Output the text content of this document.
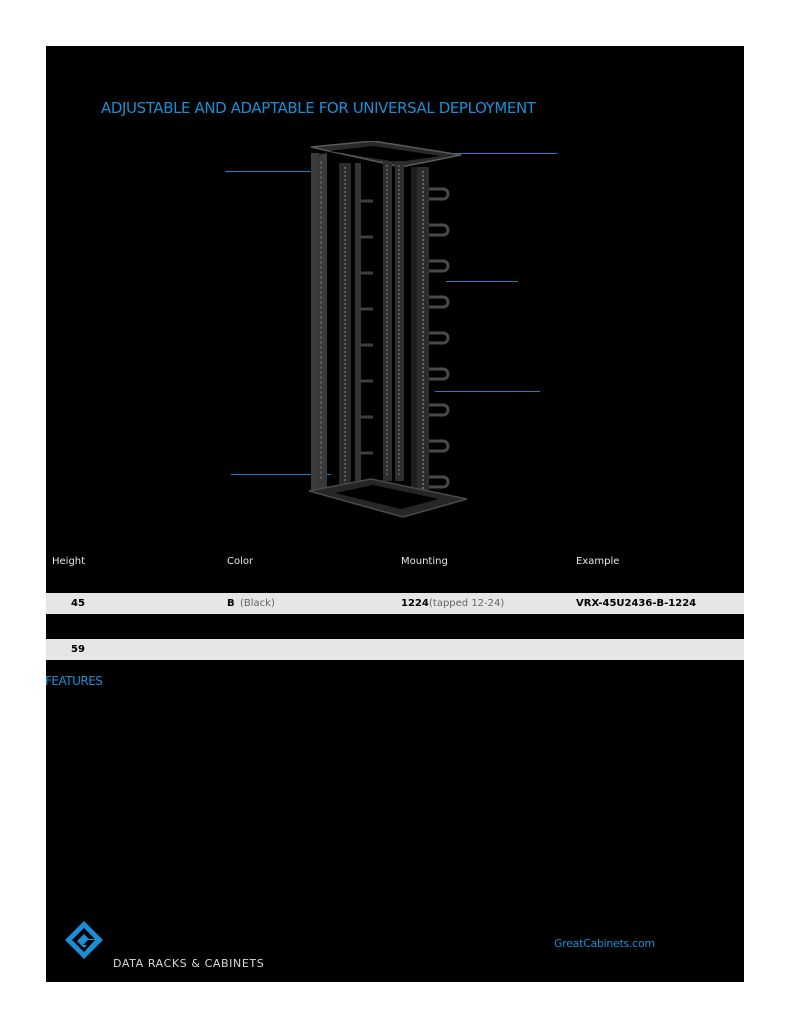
ADJUSTABLE AND ADAPTABLE FOR UNIVERSAL DEPLOYMENT
Height	Color	Mounting	Example
45	B (Black)	1224 (tapped 12-24)	VRX-45U2436-B-1224
59
FEATURES
DATA RACKS & CABINETS
GreatCabinets.com
